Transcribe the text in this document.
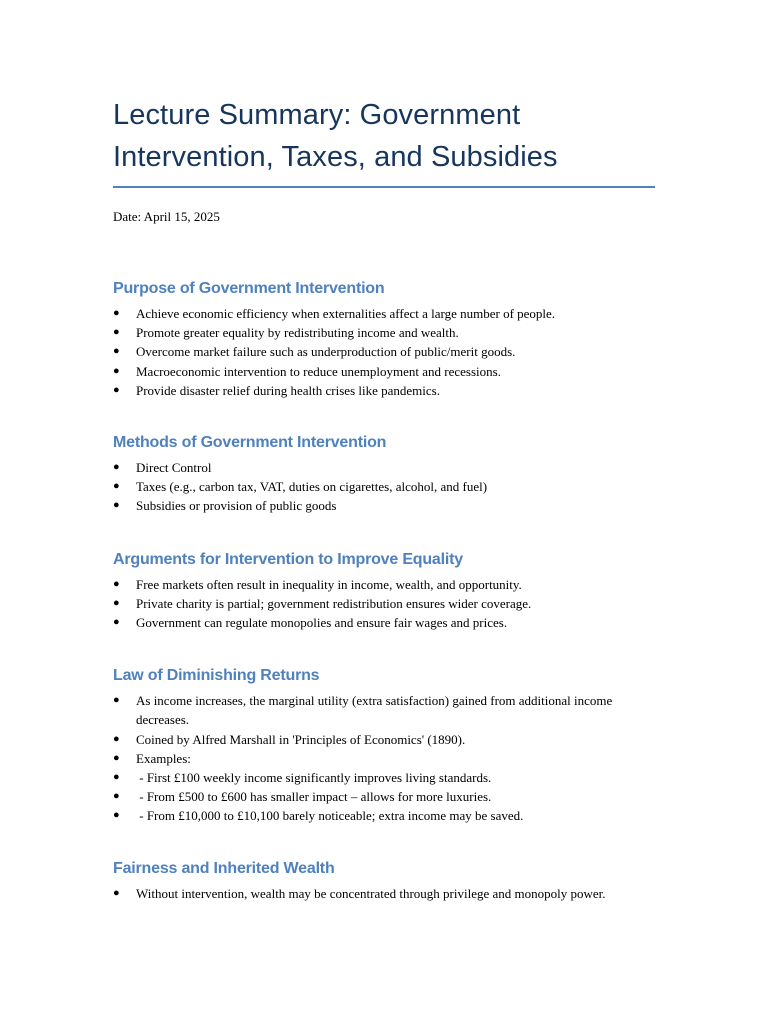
Lecture Summary: Government Intervention, Taxes, and Subsidies

Date: April 15, 2025

Purpose of Government Intervention
● Achieve economic efficiency when externalities affect a large number of people.
● Promote greater equality by redistributing income and wealth.
● Overcome market failure such as underproduction of public/merit goods.
● Macroeconomic intervention to reduce unemployment and recessions.
● Provide disaster relief during health crises like pandemics.
Methods of Government Intervention
● Direct Control
● Taxes (e.g., carbon tax, VAT, duties on cigarettes, alcohol, and fuel)
● Subsidies or provision of public goods
Arguments for Intervention to Improve Equality
● Free markets often result in inequality in income, wealth, and opportunity.
● Private charity is partial; government redistribution ensures wider coverage.
● Government can regulate monopolies and ensure fair wages and prices.
Law of Diminishing Returns
● As income increases, the marginal utility (extra satisfaction) gained from additional income decreases.
● Coined by Alfred Marshall in 'Principles of Economics' (1890).
● Examples:
● - First £100 weekly income significantly improves living standards.
● - From £500 to £600 has smaller impact – allows for more luxuries.
● - From £10,000 to £10,100 barely noticeable; extra income may be saved.
Fairness and Inherited Wealth
● Without intervention, wealth may be concentrated through privilege and monopoly power.
